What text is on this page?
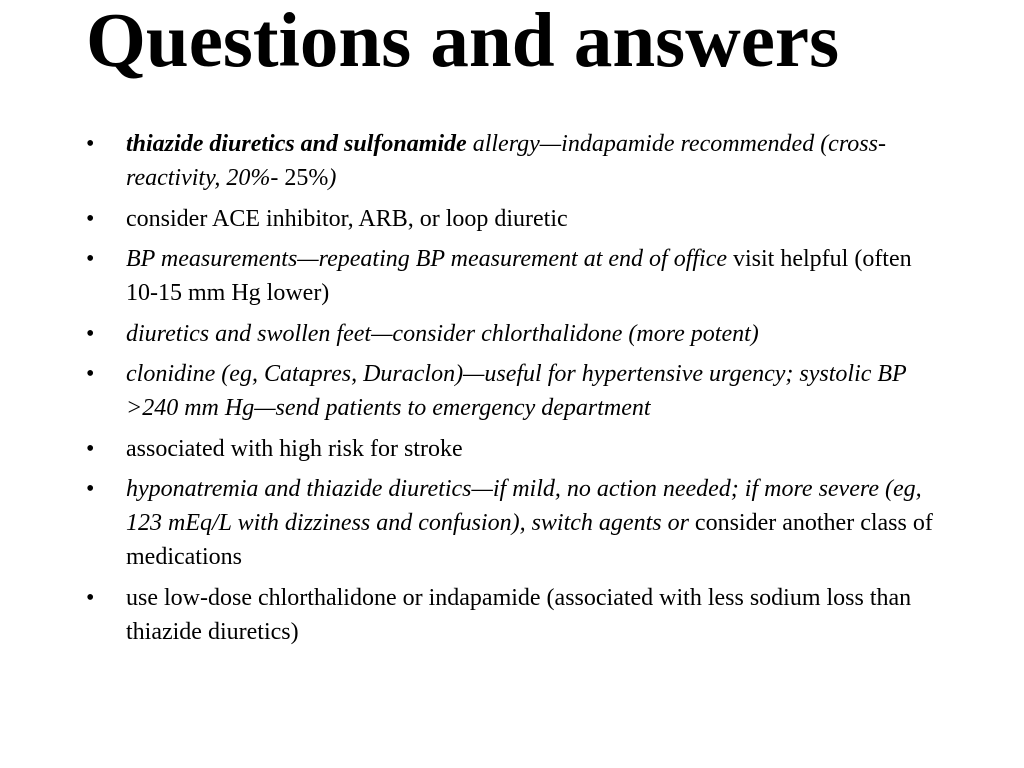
Questions and answers
•	thiazide diuretics and sulfonamide allergy—indapamide recommended (cross-reactivity, 20%- 25%)
•	consider ACE inhibitor, ARB, or loop diuretic
•	BP measurements—repeating BP measurement at end of office visit helpful (often 10-15 mm Hg lower)
•	diuretics and swollen feet—consider chlorthalidone (more potent)
•	clonidine (eg, Catapres, Duraclon)—useful for hypertensive urgency; systolic BP >240 mm Hg—send patients to emergency department
•	associated with high risk for stroke
•	hyponatremia and thiazide diuretics—if mild, no action needed; if more severe (eg, 123 mEq/L with dizziness and confusion), switch agents or consider another class of medications
•	use low-dose chlorthalidone or indapamide (associated with less sodium loss than thiazide diuretics)
